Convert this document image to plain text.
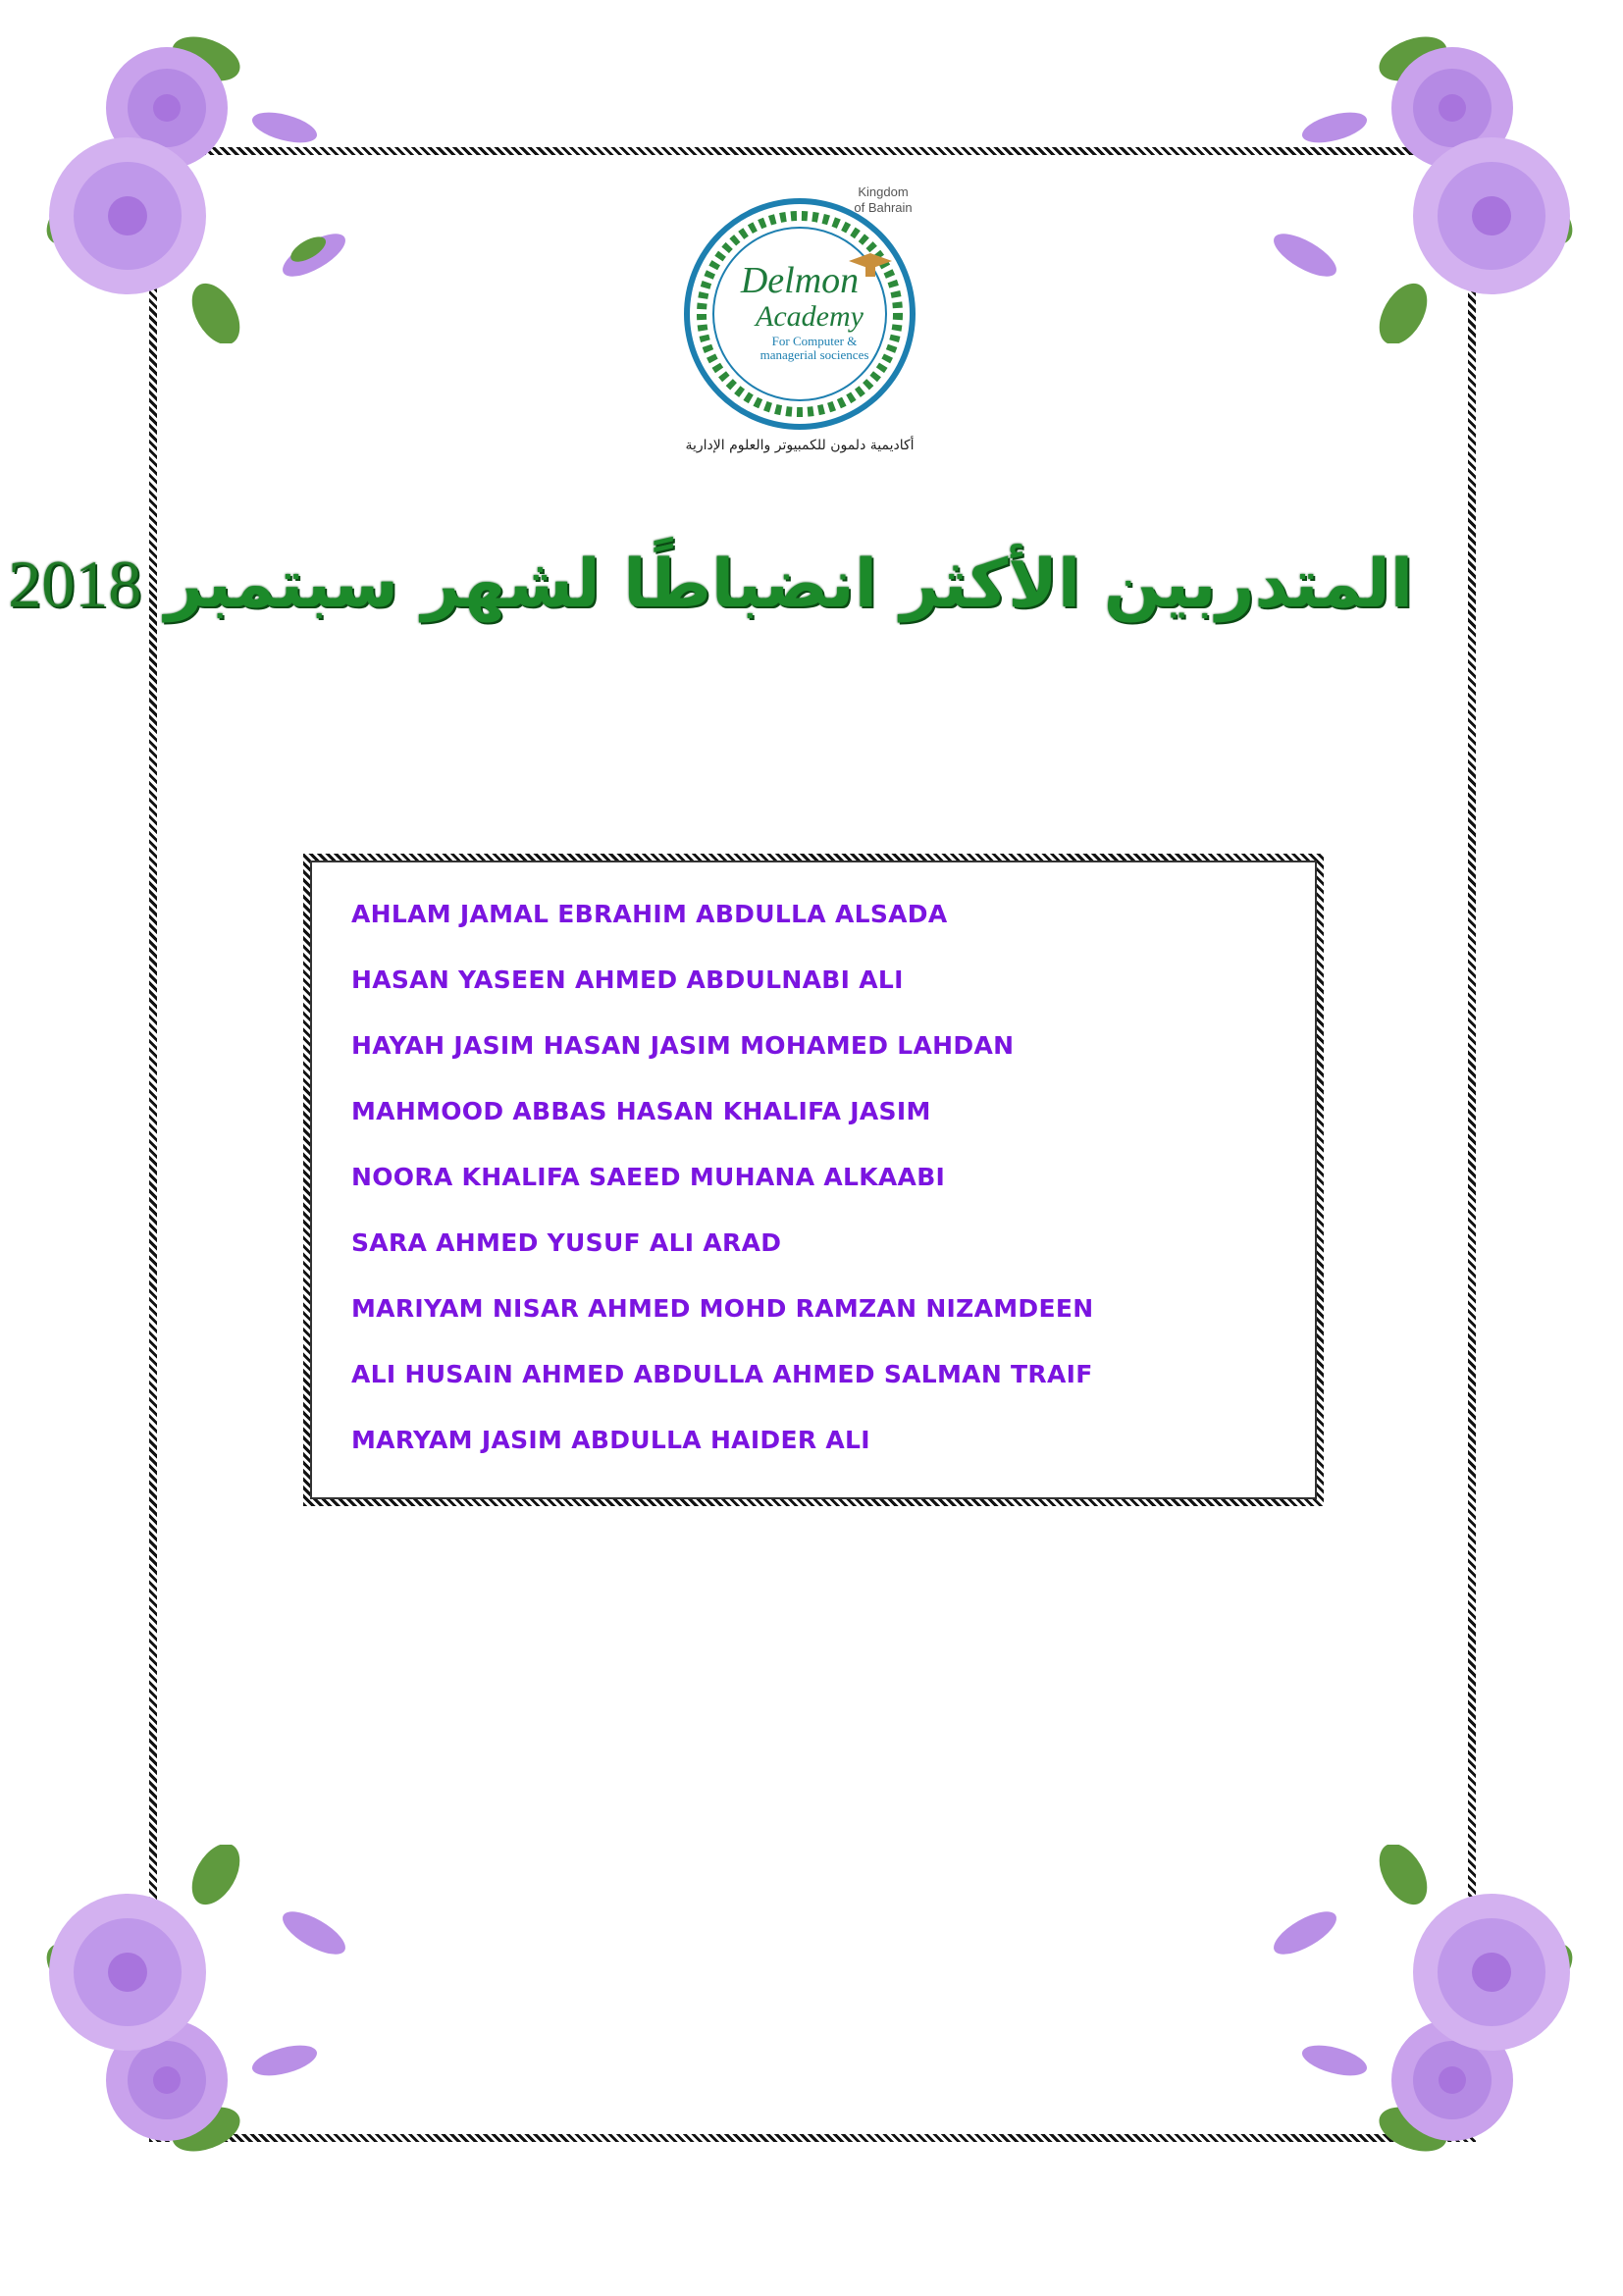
Delmon
Academy
For Computer &
managerial sociences
Kingdom
of Bahrain
أكاديمية دلمون للكمبيوتر والعلوم الإدارية
المتدربين الأكثر انضباطًا لشهر سبتمبر 2018
AHLAM JAMAL EBRAHIM ABDULLA ALSADA
HASAN YASEEN AHMED ABDULNABI ALI
HAYAH JASIM HASAN JASIM MOHAMED LAHDAN
MAHMOOD ABBAS HASAN KHALIFA JASIM
NOORA KHALIFA SAEED MUHANA ALKAABI
SARA AHMED YUSUF ALI ARAD
MARIYAM NISAR AHMED MOHD RAMZAN NIZAMDEEN
ALI HUSAIN AHMED ABDULLA AHMED SALMAN TRAIF
MARYAM JASIM ABDULLA HAIDER ALI
